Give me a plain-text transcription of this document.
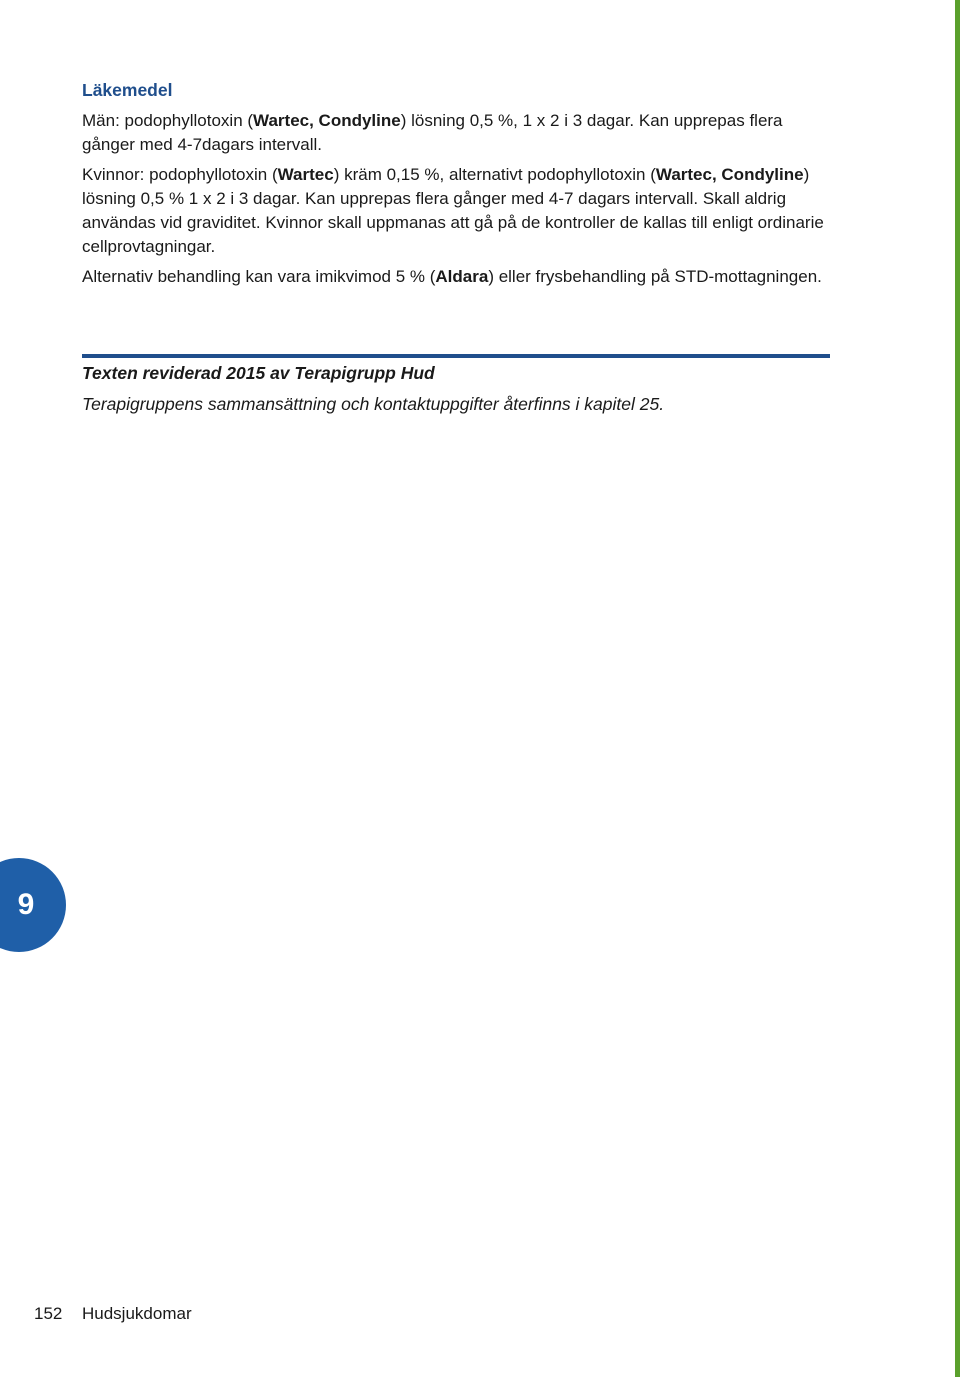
Läkemedel

Män: podophyllotoxin (Wartec, Condyline) lösning 0,5 %, 1 x 2 i 3 dagar. Kan upprepas flera gånger med 4-7dagars intervall.

Kvinnor: podophyllotoxin (Wartec) kräm 0,15 %, alternativt podophyllotoxin (Wartec, Condyline) lösning 0,5 % 1 x 2 i 3 dagar. Kan upprepas flera gånger med 4-7 dagars intervall. Skall aldrig användas vid graviditet. Kvinnor skall uppmanas att gå på de kontroller de kallas till enligt ordinarie cellprovtagningar.

Alternativ behandling kan vara imikvimod 5 % (Aldara) eller frysbehandling på STD-mottagningen.

Texten reviderad 2015 av Terapigrupp Hud
Terapigruppens sammansättning och kontaktuppgifter återfinns i kapitel 25.
9
152 Hudsjukdomar
